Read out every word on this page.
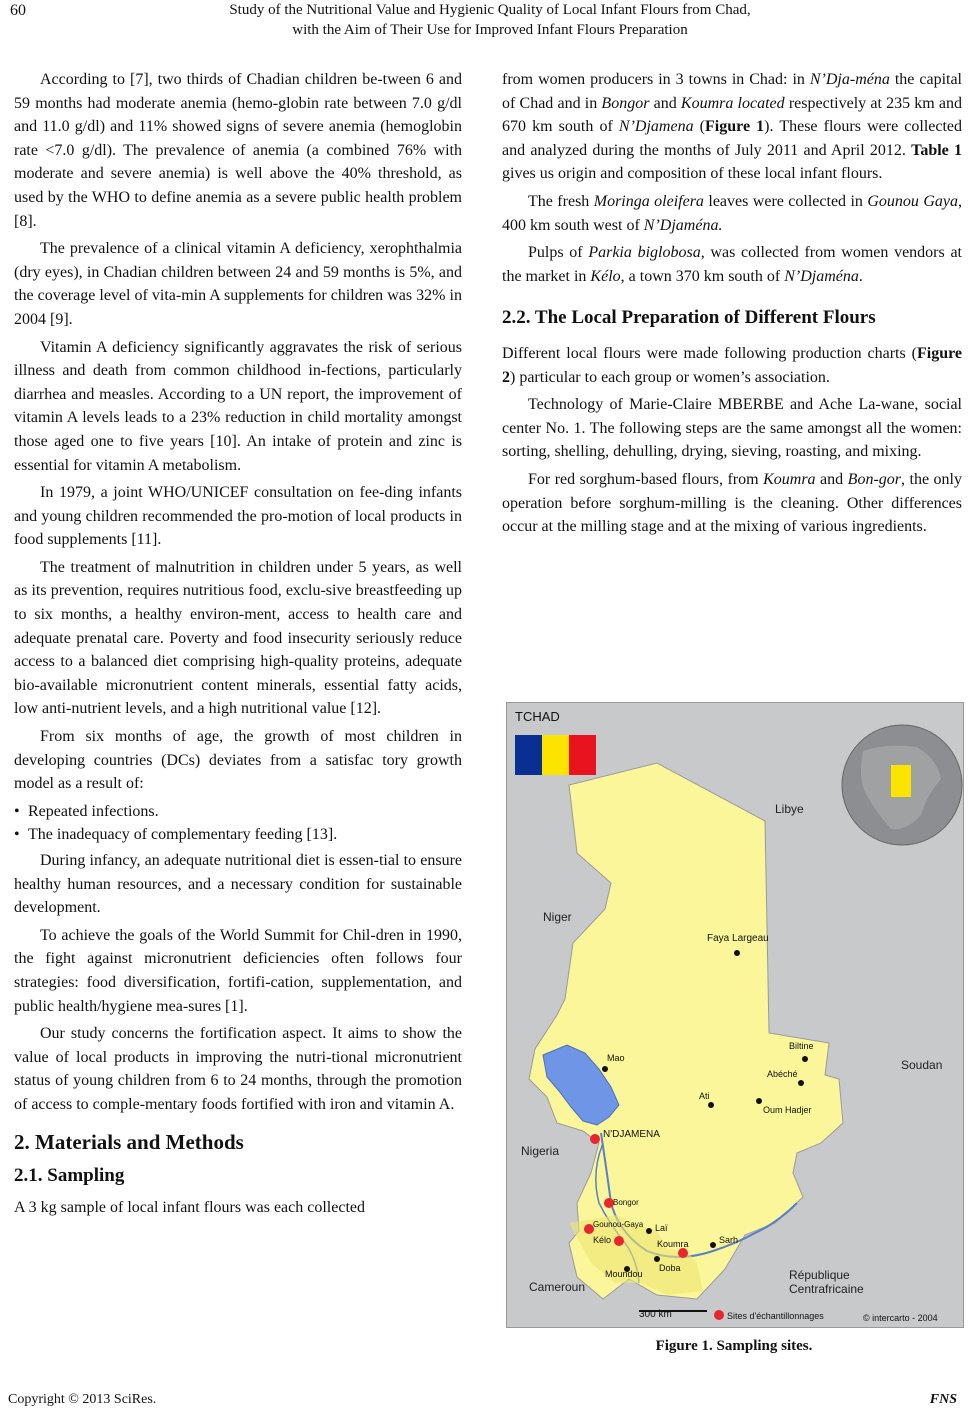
60	Study of the Nutritional Value and Hygienic Quality of Local Infant Flours from Chad,
with the Aim of Their Use for Improved Infant Flours Preparation

According to [7], two thirds of Chadian children be-tween 6 and 59 months had moderate anemia (hemo-globin rate between 7.0 g/dl and 11.0 g/dl) and 11% showed signs of severe anemia (hemoglobin rate <7.0 g/dl). The prevalence of anemia (a combined 76% with moderate and severe anemia) is well above the 40% threshold, as used by the WHO to define anemia as a severe public health problem [8].

The prevalence of a clinical vitamin A deficiency, xerophthalmia (dry eyes), in Chadian children between 24 and 59 months is 5%, and the coverage level of vita-min A supplements for children was 32% in 2004 [9].

Vitamin A deficiency significantly aggravates the risk of serious illness and death from common childhood in-fections, particularly diarrhea and measles. According to a UN report, the improvement of vitamin A levels leads to a 23% reduction in child mortality amongst those aged one to five years [10]. An intake of protein and zinc is essential for vitamin A metabolism.

In 1979, a joint WHO/UNICEF consultation on fee-ding infants and young children recommended the pro-motion of local products in food supplements [11].

The treatment of malnutrition in children under 5 years, as well as its prevention, requires nutritious food, exclu-sive breastfeeding up to six months, a healthy environ-ment, access to health care and adequate prenatal care. Poverty and food insecurity seriously reduce access to a balanced diet comprising high-quality proteins, adequate bio-available micronutrient content minerals, essential fatty acids, low anti-nutrient levels, and a high nutritional value [12].

From six months of age, the growth of most children in developing countries (DCs) deviates from a satisfac tory growth model as a result of:

• Repeated infections.
• The inadequacy of complementary feeding [13].

During infancy, an adequate nutritional diet is essen-tial to ensure healthy human resources, and a necessary condition for sustainable development.

To achieve the goals of the World Summit for Chil-dren in 1990, the fight against micronutrient deficiencies often follows four strategies: food diversification, fortifi-cation, supplementation, and public health/hygiene mea-sures [1].

Our study concerns the fortification aspect. It aims to show the value of local products in improving the nutri-tional micronutrient status of young children from 6 to 24 months, through the promotion of access to comple-mentary foods fortified with iron and vitamin A.

2. Materials and Methods
2.1. Sampling

A 3 kg sample of local infant flours was each collected

from women producers in 3 towns in Chad: in N’Dja-ména the capital of Chad and in Bongor and Koumra located respectively at 235 km and 670 km south of N’Djamena (Figure 1). These flours were collected and analyzed during the months of July 2011 and April 2012. Table 1 gives us origin and composition of these local infant flours.

The fresh Moringa oleifera leaves were collected in Gounou Gaya, 400 km south west of N’Djaména.

Pulps of Parkia biglobosa, was collected from women vendors at the market in Kélo, a town 370 km south of N’Djaména.

2.2. The Local Preparation of Different Flours

Different local flours were made following production charts (Figure 2) particular to each group or women’s association.

Technology of Marie-Claire MBERBE and Ache La-wane, social center No. 1. The following steps are the same amongst all the women: sorting, shelling, dehulling, drying, sieving, roasting, and mixing.

For red sorghum-based flours, from Koumra and Bon-gor, the only operation before sorghum-milling is the cleaning. Other differences occur at the milling stage and at the mixing of various ingredients.

TCHAD
Libye
Niger
Soudan
Nigeria
Cameroun
République
Centrafricaine
Faya Largeau
Biltine
Mao
Abéché
Ati
Oum Hadjer
Laï
Sarh
Moundou
Doba
N'DJAMENA
Bongor
Gounou-Gaya
Kélo	Koumra
300 km	Sites d'échantillonnages	© intercarto - 2004
Figure 1. Sampling sites.
Copyright © 2013 SciRes.	FNS
